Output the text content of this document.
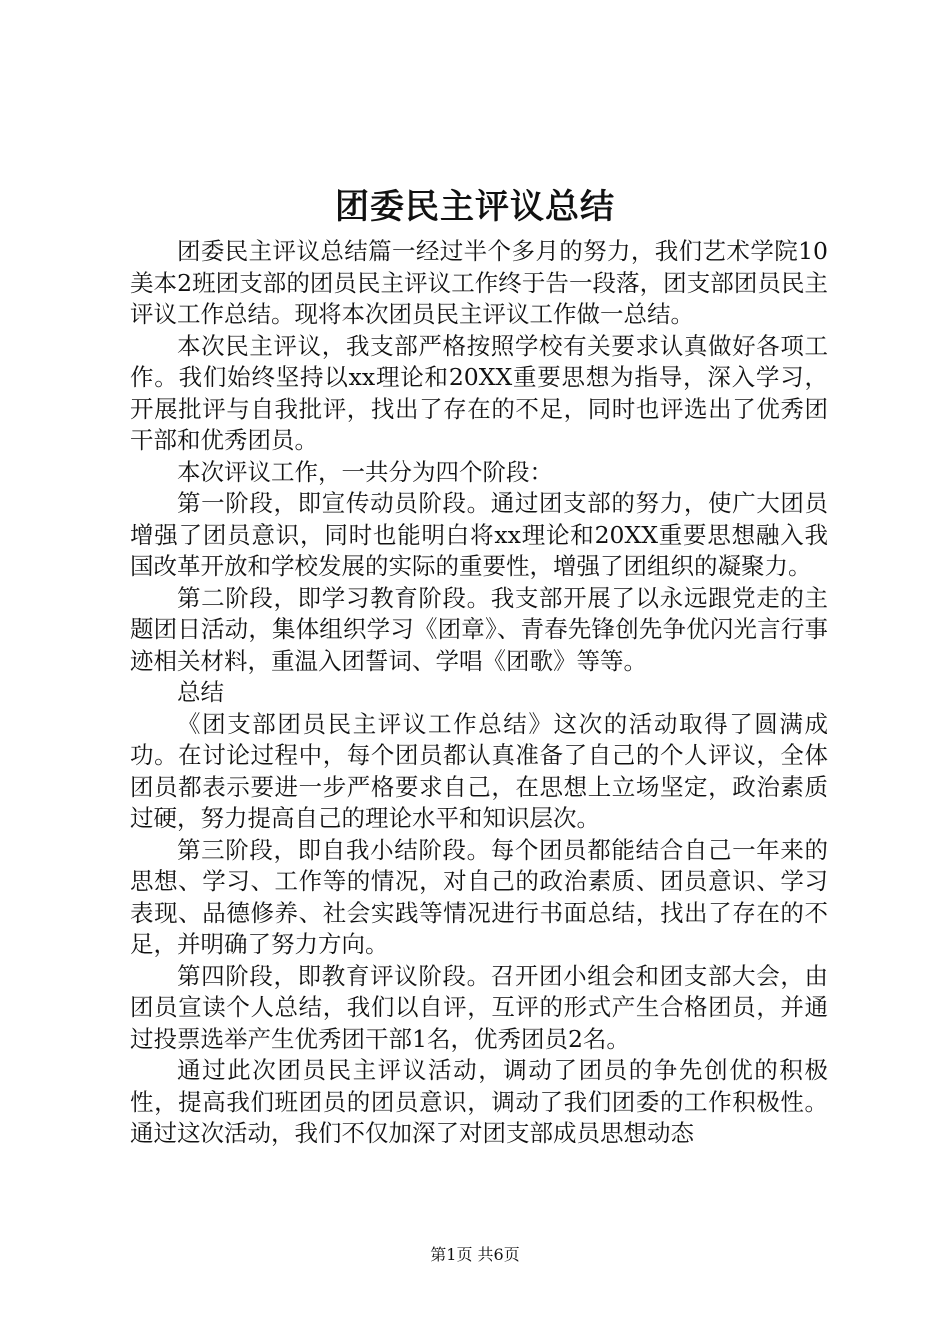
团委民主评议总结

团委民主评议总结篇一经过半个多月的努力，我们艺术学院10美本2班团支部的团员民主评议工作终于告一段落，团支部团员民主评议工作总结。现将本次团员民主评议工作做一总结。

本次民主评议，我支部严格按照学校有关要求认真做好各项工作。我们始终坚持以xx理论和20XX重要思想为指导，深入学习，开展批评与自我批评，找出了存在的不足，同时也评选出了优秀团干部和优秀团员。

本次评议工作，一共分为四个阶段：

第一阶段，即宣传动员阶段。通过团支部的努力，使广大团员增强了团员意识，同时也能明白将xx理论和20XX重要思想融入我国改革开放和学校发展的实际的重要性，增强了团组织的凝聚力。

第二阶段，即学习教育阶段。我支部开展了以永远跟党走的主题团日活动，集体组织学习《团章》、青春先锋创先争优闪光言行事迹相关材料，重温入团誓词、学唱《团歌》等等。

总结

《团支部团员民主评议工作总结》这次的活动取得了圆满成功。在讨论过程中，每个团员都认真准备了自己的个人评议，全体团员都表示要进一步严格要求自己，在思想上立场坚定，政治素质过硬，努力提高自己的理论水平和知识层次。

第三阶段，即自我小结阶段。每个团员都能结合自己一年来的思想、学习、工作等的情况，对自己的政治素质、团员意识、学习表现、品德修养、社会实践等情况进行书面总结，找出了存在的不足，并明确了努力方向。

第四阶段，即教育评议阶段。召开团小组会和团支部大会，由团员宣读个人总结，我们以自评，互评的形式产生合格团员，并通过投票选举产生优秀团干部1名，优秀团员2名。

通过此次团员民主评议活动，调动了团员的争先创优的积极性，提高我们班团员的团员意识，调动了我们团委的工作积极性。通过这次活动，我们不仅加深了对团支部成员思想动态

第1页 共6页
